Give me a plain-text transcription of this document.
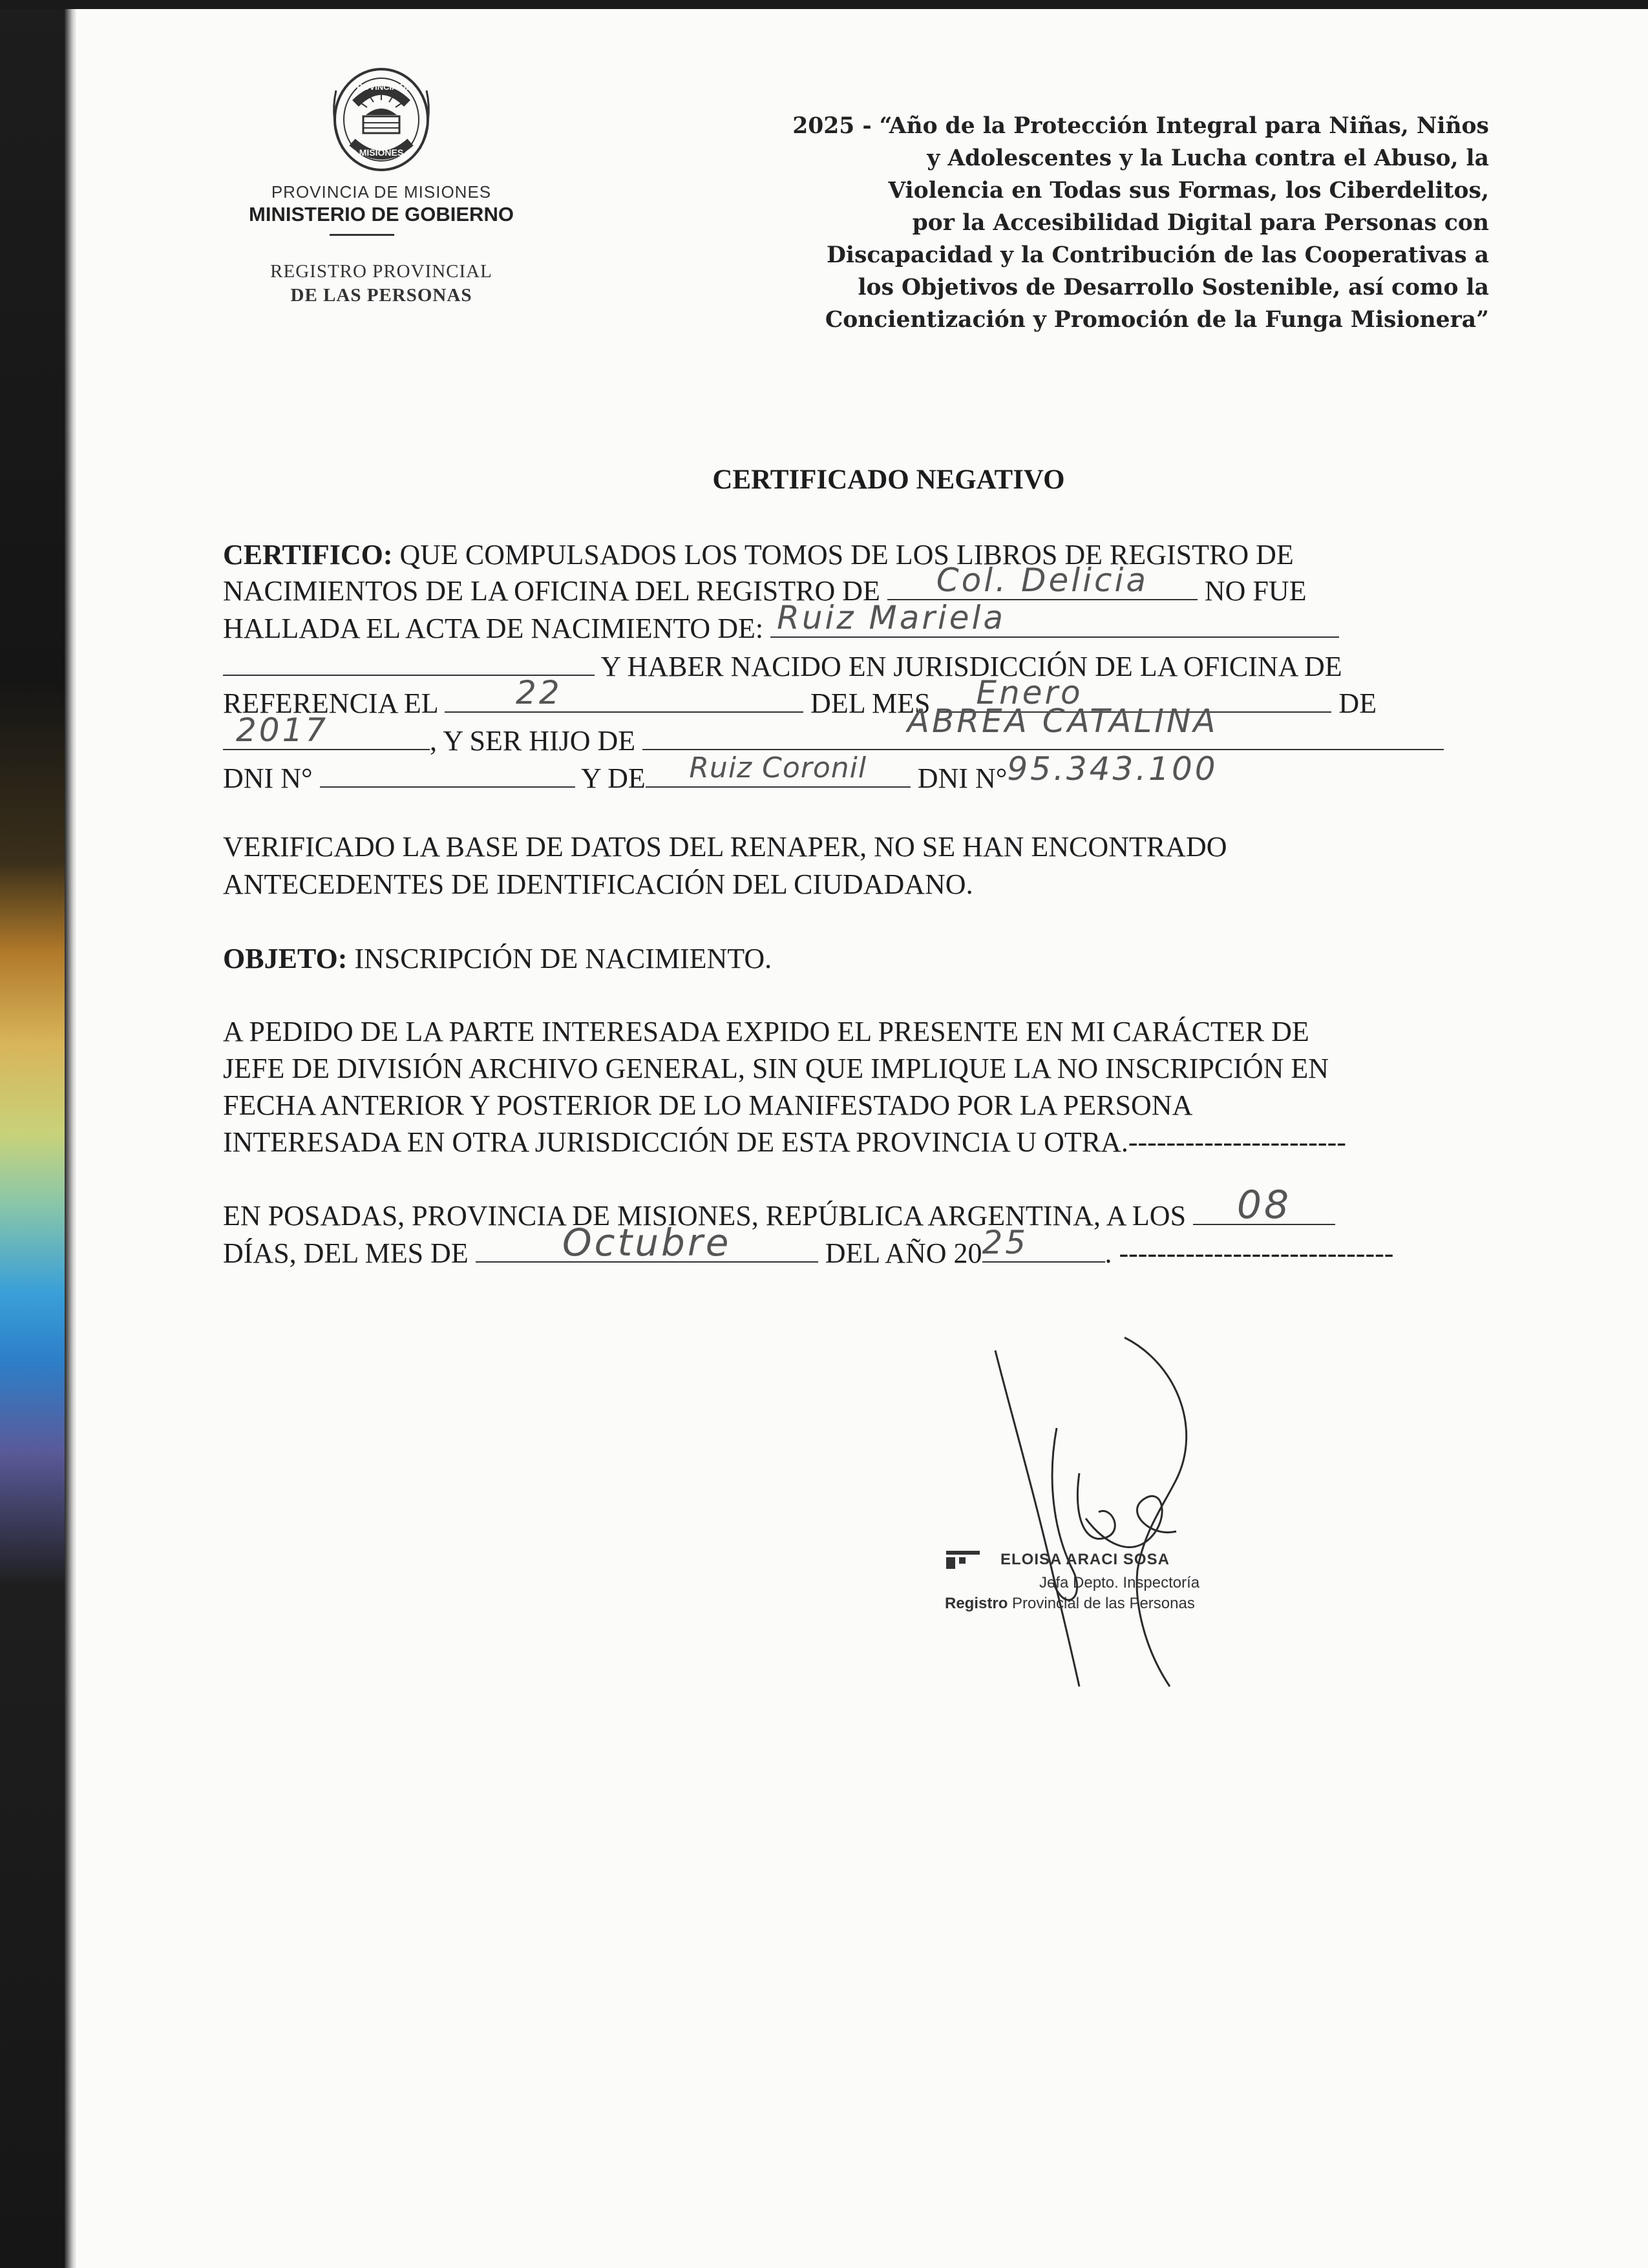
PROVINCIA DE
MISIONES
PROVINCIA DE MISIONES
MINISTERIO DE GOBIERNO
REGISTRO PROVINCIAL
DE LAS PERSONAS
2025 - “Año de la Protección Integral para Niñas, Niños
y Adolescentes y la Lucha contra el Abuso, la
Violencia en Todas sus Formas, los Ciberdelitos,
por la Accesibilidad Digital para Personas con
Discapacidad y la Contribución de las Cooperativas a
los Objetivos de Desarrollo Sostenible, así como la
Concientización y Promoción de la Funga Misionera”
CERTIFICADO NEGATIVO
CERTIFICO: QUE COMPULSADOS LOS TOMOS DE LOS LIBROS DE REGISTRO DE
NACIMIENTOS DE LA OFICINA DEL REGISTRO DE	Col. Delicia	NO FUE
HALLADA EL ACTA DE NACIMIENTO DE: Ruiz Mariela
Y HABER NACIDO EN JURISDICCIÓN DE LA OFICINA DE
REFERENCIA EL	22	DEL MES	Enero	DE
2017	, Y SER HIJO DE
ABREA CATALINA
DNI N°	Y DE	Ruiz Coronil	DNI N° 95.343.100
VERIFICADO LA BASE DE DATOS DEL RENAPER, NO SE HAN ENCONTRADO
ANTECEDENTES DE IDENTIFICACIÓN DEL CIUDADANO.
OBJETO: INSCRIPCIÓN DE NACIMIENTO.
A PEDIDO DE LA PARTE INTERESADA EXPIDO EL PRESENTE EN MI CARÁCTER DE
JEFE DE DIVISIÓN ARCHIVO GENERAL, SIN QUE IMPLIQUE LA NO INSCRIPCIÓN EN
FECHA ANTERIOR Y POSTERIOR DE LO MANIFESTADO POR LA PERSONA
INTERESADA EN OTRA JURISDICCIÓN DE ESTA PROVINCIA U OTRA.-----------------------
EN POSADAS, PROVINCIA DE MISIONES, REPÚBLICA ARGENTINA, A LOS	08
DÍAS, DEL MES DE	Octubre	DEL AÑO 20 25	. -----------------------------
ELOISA ARACI SOSA
Jefa Depto. Inspectoría
Registro Provincial de las Personas
